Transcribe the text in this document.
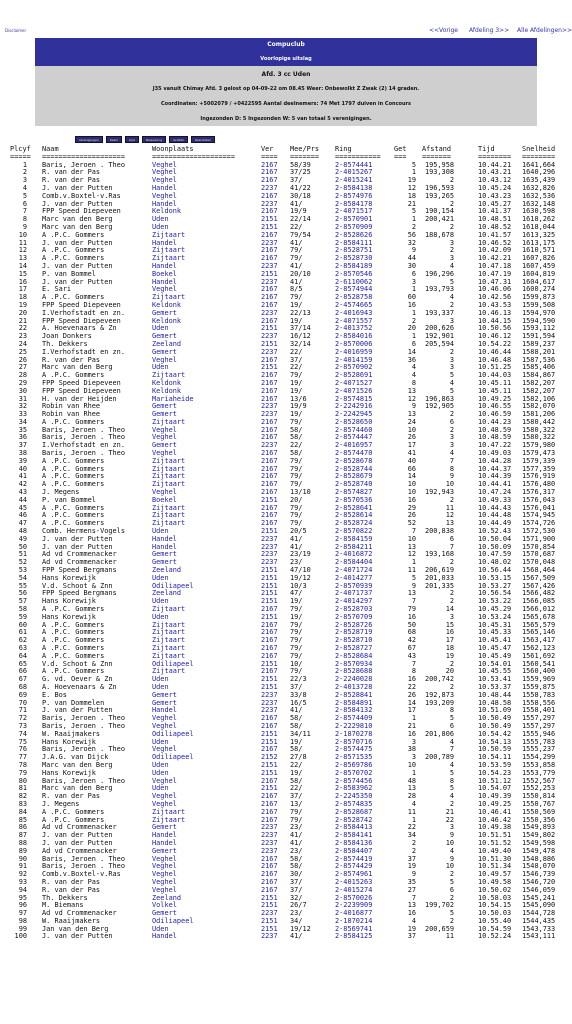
Disclaimer	<<Vorige Afdeling 3>> Alle Afdelingen>>
Compuclub
Voorlopige uitslag
Afd. 3 cc Uden
J35 vanuit Chimay Afd. 3 gelost op 04-09-22 om 08.45 Weer: Onbewolkt Z Zwak (2) 14 graden.
Coordinaten: +5002079 / +0422595 Aantal deelnemers: 74 Met 1797 duiven in Concours
Ingezonden D: 5 Ingezonden W: 5 van totaal 5 verenigingen.
Verenigingen	Kaart	Lijst	Nalevering	Grafiek	Resultaten
Plcyf Naam	Woonplaats	Ver Mee/Prs Ring	Get Afstand	Tijd	Snelheid
===== ====================	====================	==== ======= =========== === =======	======== ========
1 Baris, Jeroen . Theo	Veghel	2167 58/39	2-8574441	5	195,958	10.44.21 1641,664
2 R. van der Pas	Veghel	2167 37/25	2-4015267	1	193,308	10.43.21 1640,296
3 R. van der Pas	Veghel	2167 37/	2-4015241	19	2	10.43.12 1635,439
4 J. van der Putten	Handel	2237 41/22	2-8584138	12	196,593	10.45.24 1632,826
5 Comb.v.Boxtel-v.Ras	Veghel	2167 30/18	2-8574976	18	193,265	10.43.23 1632,536
6 J. van der Putten	Handel	2237 41/	2-8584178	21	2	10.45.27 1632,148
7 FPP Speed Diepeveen	Keldonk	2167 19/9	2-4071517	5	190,154	10.41.37 1630,598
8 Marc van den Berg	Uden	2151 22/14	2-8570901	1	200,421	10.48.51 1618,262
9 Marc van den Berg	Uden	2151 22/	2-8570909	2	2	10.48.52 1618,044
10 A .P.C. Gommers	Zijtaart	2167 79/54	2-8528626	56	188,678	10.41.57 1613,325
11 J. van der Putten	Handel	2237 41/	2-8584111	32	3	10.46.52 1613,175
12 A .P.C. Gommers	Zijtaart	2167 79/	2-8528751	9	2	10.42.09 1610,571
13 A .P.C. Gommers	Zijtaart	2167 79/	2-8528730	44	3	10.42.21 1607,826
14 J. van der Putten	Handel	2237 41/	2-8584189	30	4	10.47.18 1607,459
15 P. van Bommel	Boekel	2151 20/10	2-8570546	6	196,296	10.47.19 1604,819
16 J. van der Putten	Handel	2237 41/	2-6110062	3	5	10.47.31 1604,617
17 E. Sari	Veghel	2167 8/5	2-8574944	1	193,793	10.46.06 1600,274
18 A .P.C. Gommers	Zijtaart	2167 79/	2-8528758	60	4	10.42.56 1599,873
19 FPP Speed Diepeveen	Keldonk	2167 19/	2-4574665	16	2	10.43.53 1599,508
20 I.Verhofstadt en zn.	Gemert	2237 22/13	2-4016943	1	193,337	10.46.13 1594,970
21 FPP Speed Diepeveen	Keldonk	2167 19/	2-4071557	2	3	10.44.15 1594,590
22 A. Hoevenaars & Zn	Uden	2151 37/14	2-4013752	20	200,626	10.50.56 1593,112
23 Joan Donkers	Gemert	2237 16/12	2-8584016	1	192,901	10.46.12 1591,594
24 Th. Dekkers	Zeeland	2151 32/14	2-8570006	6	205,594	10.54.22 1589,237
25 I.Verhofstadt en zn.	Gemert	2237 22/	2-4016959	14	2	10.46.44 1588,201
26 R. van der Pas	Veghel	2167 37/	2-4014159	36	3	10.46.48 1587,536
27 Marc van den Berg	Uden	2151 22/	2-8570902	4	3	10.51.25 1585,406
28 A .P.C. Gommers	Zijtaart	2167 79/	2-8528691	4	5	10.44.03 1584,867
29 FPP Speed Diepeveen	Keldonk	2167 19/	2-4071527	8	4	10.45.11 1582,207
30 FPP Speed Diepeveen	Keldonk	2167 19/	2-4071526	13	5	10.45.11 1582,207
31 H. van der Heijden	Mariaheide	2167 13/6	2-8574815	12	196,863	10.49.25 1582,106
32 Robin van Rhee	Gemert	2237 19/9	2-2242916	9	192,905	10.46.55 1582,070
33 Robin van Rhee	Gemert	2237 19/	2-2242945	13	2	10.46.59 1581,206
34 A .P.C. Gommers	Zijtaart	2167 79/	2-8528650	24	6	10.44.23 1580,442
35 Baris, Jeroen . Theo	Veghel	2167 58/	2-8574460	10	2	10.48.59 1580,322
36 Baris, Jeroen . Theo	Veghel	2167 58/	2-8574447	26	3	10.48.59 1580,322
37 I.Verhofstadt en zn.	Gemert	2237 22/	2-4016957	17	3	10.47.22 1579,980
38 Baris, Jeroen . Theo	Veghel	2167 58/	2-8574470	41	4	10.49.03 1579,473
39 A .P.C. Gommers	Zijtaart	2167 79/	2-8528678	40	7	10.44.28 1579,339
40 A .P.C. Gommers	Zijtaart	2167 79/	2-8528744	66	8	10.44.37 1577,359
41 A .P.C. Gommers	Zijtaart	2167 79/	2-8528679	14	9	10.44.39 1576,919
42 A .P.C. Gommers	Zijtaart	2167 79/	2-8528740	10	10	10.44.41 1576,480
43 J. Megens	Veghel	2167 13/10	2-8574827	10	192,943	10.47.24 1576,317
44 P. van Bommel	Boekel	2151 20/	2-8570536	16	2	10.49.33 1576,043
45 A .P.C. Gommers	Zijtaart	2167 79/	2-8528641	29	11	10.44.43 1576,041
46 A .P.C. Gommers	Zijtaart	2167 79/	2-8528614	26	12	10.44.48 1574,945
47 A .P.C. Gommers	Zijtaart	2167 79/	2-8528724	52	13	10.44.49 1574,726
48 Comb. Hermens-Vogels	Uden	2151 20/5	2-8570822	7	200,838	10.52.43 1572,530
49 J. van der Putten	Handel	2237 41/	2-8584159	10	6	10.50.04 1571,900
50 J. van der Putten	Handel	2237 41/	2-8584211	13	7	10.50.09 1570,854
51 Ad vd Crommenacker	Gemert	2237 23/19	2-4016872	12	193,168	10.47.59 1570,687
52 Ad vd Crommenacker	Gemert	2237 23/	2-8584404	1	2	10.48.02 1570,048
53 FPP Speed Bergmans	Zeeland	2151 47/10	2-4071724	11	206,619	10.56.44 1568,464
54 Hans Korewijk	Uden	2151 19/12	2-4014277	5	201,033	10.53.15 1567,509
55 V.d. Schoot & Znn	Odiliapeel	2151 10/3	2-8570939	9	201,335	10.53.27 1567,426
56 FPP Speed Bergmans	Zeeland	2151 47/	2-4071737	13	2	10.56.54 1566,482
57 Hans Korewijk	Uden	2151 19/	2-4014297	7	2	10.53.22 1566,085
58 A .P.C. Gommers	Zijtaart	2167 79/	2-8528703	79	14	10.45.29 1566,012
59 Hans Korewijk	Uden	2151 19/	2-8570709	16	3	10.53.24 1565,678
60 A .P.C. Gommers	Zijtaart	2167 79/	2-8528726	50	15	10.45.31 1565,579
61 A .P.C. Gommers	Zijtaart	2167 79/	2-8528719	68	16	10.45.33 1565,146
62 A .P.C. Gommers	Zijtaart	2167 79/	2-8528710	42	17	10.45.41 1563,417
63 A .P.C. Gommers	Zijtaart	2167 79/	2-8528727	67	18	10.45.47 1562,123
64 A .P.C. Gommers	Zijtaart	2167 79/	2-8528684	43	19	10.45.49 1561,692
65 V.d. Schoot & Znn	Odiliapeel	2151 10/	2-8570934	7	2	10.54.01 1560,541
66 A .P.C. Gommers	Zijtaart	2167 79/	2-8528688	8	20	10.45.55 1560,400
67 G. vd. Oever & Zn	Uden	2151 22/3	2-2240028	16	200,742	10.53.41 1559,969
68 A. Hoevenaars & Zn	Uden	2151 37/	2-4013728	22	2	10.53.37 1559,875
69 E. Bos	Gemert	2237 33/8	2-8528841	26	192,873	10.48.44 1558,783
70 P. van Dommelen	Gemert	2237 16/5	2-8584891	14	193,209	10.48.58 1558,556
71 J. van der Putten	Handel	2237 41/	2-8584132	17	8	10.51.09 1558,401
72 Baris, Jeroen . Theo	Veghel	2167 58/	2-8574409	1	5	10.50.49 1557,297
73 Baris, Jeroen . Theo	Veghel	2167 58/	2-2229810	21	6	10.50.49 1557,297
74 W. Raaijmakers	Odiliapeel	2151 34/11	2-1870278	16	201,806	10.54.42 1555,946
75 Hans Korewijk	Uden	2151 19/	2-8570716	3	4	10.54.13 1555,783
76 Baris, Jeroen . Theo	Veghel	2167 58/	2-8574475	38	7	10.50.59 1555,237
77 J.A.G. van Dijck	Odiliapeel	2152 27/8	2-8571535	3	200,789	10.54.11 1554,299
78 Marc van den Berg	Uden	2151 22/	2-8569786	10	4	10.53.59 1553,858
79 Hans Korewijk	Uden	2151 19/	2-8570702	1	5	10.54.23 1553,779
80 Baris, Jeroen . Theo	Veghel	2167 58/	2-8574456	48	8	10.51.12 1552,567
81 Marc van den Berg	Uden	2151 22/	2-8583962	13	5	10.54.07 1552,253
82 R. van der Pas	Veghel	2167 37/	2-2245350	28	4	10.49.39 1550,814
83 J. Megens	Veghel	2167 13/	2-8574835	4	2	10.49.25 1550,767
84 A .P.C. Gommers	Zijtaart	2167 79/	2-8528687	11	21	10.46.41 1550,569
85 A .P.C. Gommers	Zijtaart	2167 79/	2-8528742	1	22	10.46.42 1550,356
86 Ad vd Crommenacker	Gemert	2237 23/	2-8584413	22	3	10.49.38 1549,893
87 J. van der Putten	Handel	2237 41/	2-8584141	34	9	10.51.51 1549,802
88 J. van der Putten	Handel	2237 41/	2-8584136	2	10	10.51.52 1549,598
89 Ad vd Crommenacker	Gemert	2237 23/	2-8584407	2	4	10.49.40 1549,478
90 Baris, Jeroen . Theo	Veghel	2167 58/	2-8574419	37	9	10.51.30 1548,886
91 Baris, Jeroen . Theo	Veghel	2167 58/	2-8574429	19	10	10.51.34 1548,070
92 Comb.v.Boxtel-v.Ras	Veghel	2167 30/	2-8574961	9	2	10.49.57 1546,739
93 R. van der Pas	Veghel	2167 37/	2-4015263	35	5	10.49.58 1546,720
94 R. van der Pas	Veghel	2167 37/	2-4015274	27	6	10.50.02 1546,059
95 Th. Dekkers	Zeeland	2151 32/	2-8570026	7	2	10.58.03 1545,241
96 M. Biemans	Volkel	2151 26/7	2-2239909	13	199,702	10.54.15 1545,090
97 Ad vd Crommenacker	Gemert	2237 23/	2-4016877	16	5	10.50.03 1544,728
98 W. Raaijmakers	Odiliapeel	2151 34/	2-1870214	4	2	10.55.40 1544,435
99 Jan van den Berg	Uden	2151 19/12	2-8569741	19	200,659	10.54.59 1543,733
100 J. van der Putten	Handel	2237 41/	2-8584125	37	11	10.52.24 1543,111
